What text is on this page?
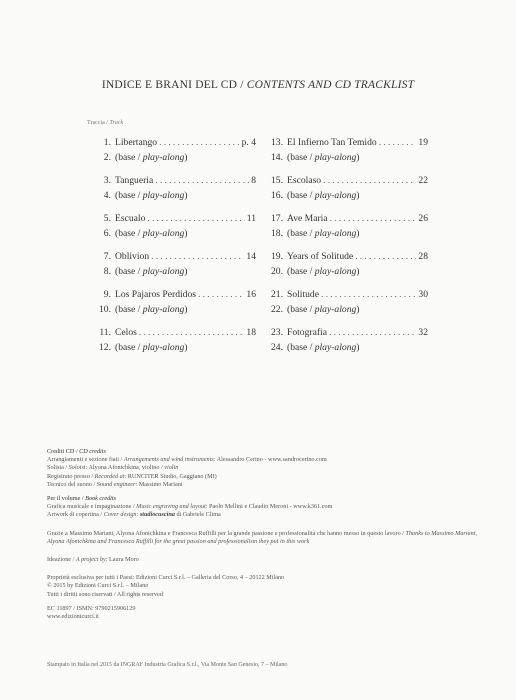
INDICE E BRANI DEL CD / CONTENTS AND CD TRACKLIST
Traccia / Track
1. Libertango .....	p. 4
2. (base / play-along)
3. Tangueria .....	8
4. (base / play-along)
5. Escualo .....	11
6. (base / play-along)
7. Oblivion .....	14
8. (base / play-along)
9. Los Pajaros Perdidos .....	16
10. (base / play-along)
11. Celos .....	18
12. (base / play-along)
13. El Infierno Tan Temido .....	19
14. (base / play-along)
15. Escolaso .....	22
16. (base / play-along)
17. Ave Maria .....	26
18. (base / play-along)
19. Years of Solitude .....	28
20. (base / play-along)
21. Solitude .....	30
22. (base / play-along)
23. Fotografia .....	32
24. (base / play-along)
Crediti CD / CD credits
Arrangiamenti e sezione fiati / Arrangements and wind instruments: Alessandro Cerino - www.sandrocerino.com
Solista / Soloist: Alyona Afonichkina, violino / violin
Registrato presso / Recorded at: RUNCITER Studio, Gaggiano (MI)
Tecnico del suono / Sound engineer: Massimo Mariani
Per il volume / Book credits
Grafica musicale e impaginazione / Music engraving and layout: Paolo Mellini e Claudio Meroni - www.k361.com
Artwork di copertina / Cover design: studiocuscina di Gabriele Clima
Grazie a Massimo Mariani, Alyona Afonichkina e Francesca Ruffilli per la grande passione e professionalità che hanno messo in questo lavoro / Thanks to Massimo Mariani, Alyona Afonichkina and Francesca Ruffilli for the great passion and professionalism they put in this work
Ideazione / A project by: Laura Moro
Proprietà esclusiva per tutti i Paesi: Edizioni Curci S.r.l. – Galleria del Corso, 4 – 20122 Milano
© 2015 by Edizioni Curci S.r.l. – Milano
Tutti i diritti sono riservati / All rights reserved
EC 11897 / ISMN: 9790215906129
www.edizionicurci.it
Stampato in Italia nel 2015 da INGRAF Industria Grafica S.r.l., Via Monte San Genesio, 7 – Milano
